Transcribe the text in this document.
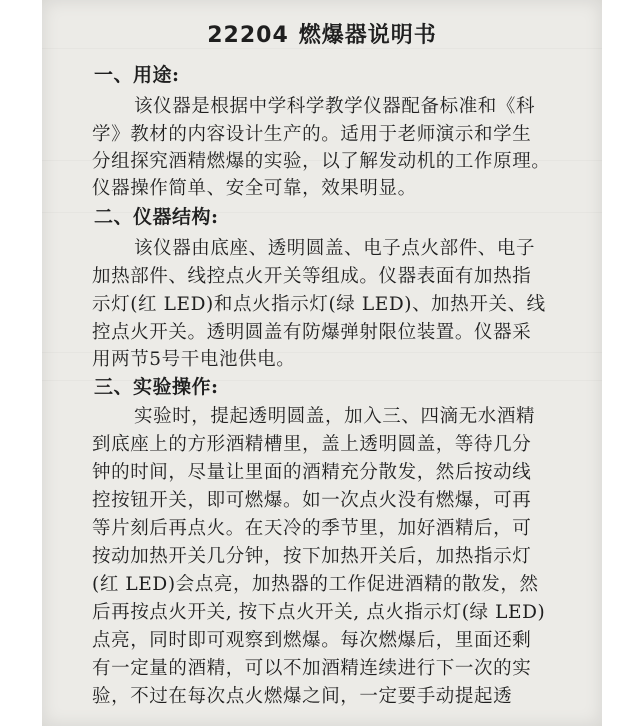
22204 燃爆器说明书
一、用途:
该仪器是根据中学科学教学仪器配备标准和《科
学》教材的内容设计生产的。适用于老师演示和学生
分组探究酒精燃爆的实验，以了解发动机的工作原理。
仪器操作简单、安全可靠，效果明显。
二、仪器结构:
该仪器由底座、透明圆盖、电子点火部件、电子
加热部件、线控点火开关等组成。仪器表面有加热指
示灯(红 LED)和点火指示灯(绿 LED)、加热开关、线
控点火开关。透明圆盖有防爆弹射限位装置。仪器采
用两节5号干电池供电。
三、实验操作:
实验时，提起透明圆盖，加入三、四滴无水酒精
到底座上的方形酒精槽里，盖上透明圆盖，等待几分
钟的时间，尽量让里面的酒精充分散发，然后按动线
控按钮开关，即可燃爆。如一次点火没有燃爆，可再
等片刻后再点火。在天冷的季节里，加好酒精后，可
按动加热开关几分钟，按下加热开关后，加热指示灯
(红 LED)会点亮，加热器的工作促进酒精的散发，然
后再按点火开关, 按下点火开关, 点火指示灯(绿 LED)
点亮，同时即可观察到燃爆。每次燃爆后，里面还剩
有一定量的酒精，可以不加酒精连续进行下一次的实
验，不过在每次点火燃爆之间，一定要手动提起透
